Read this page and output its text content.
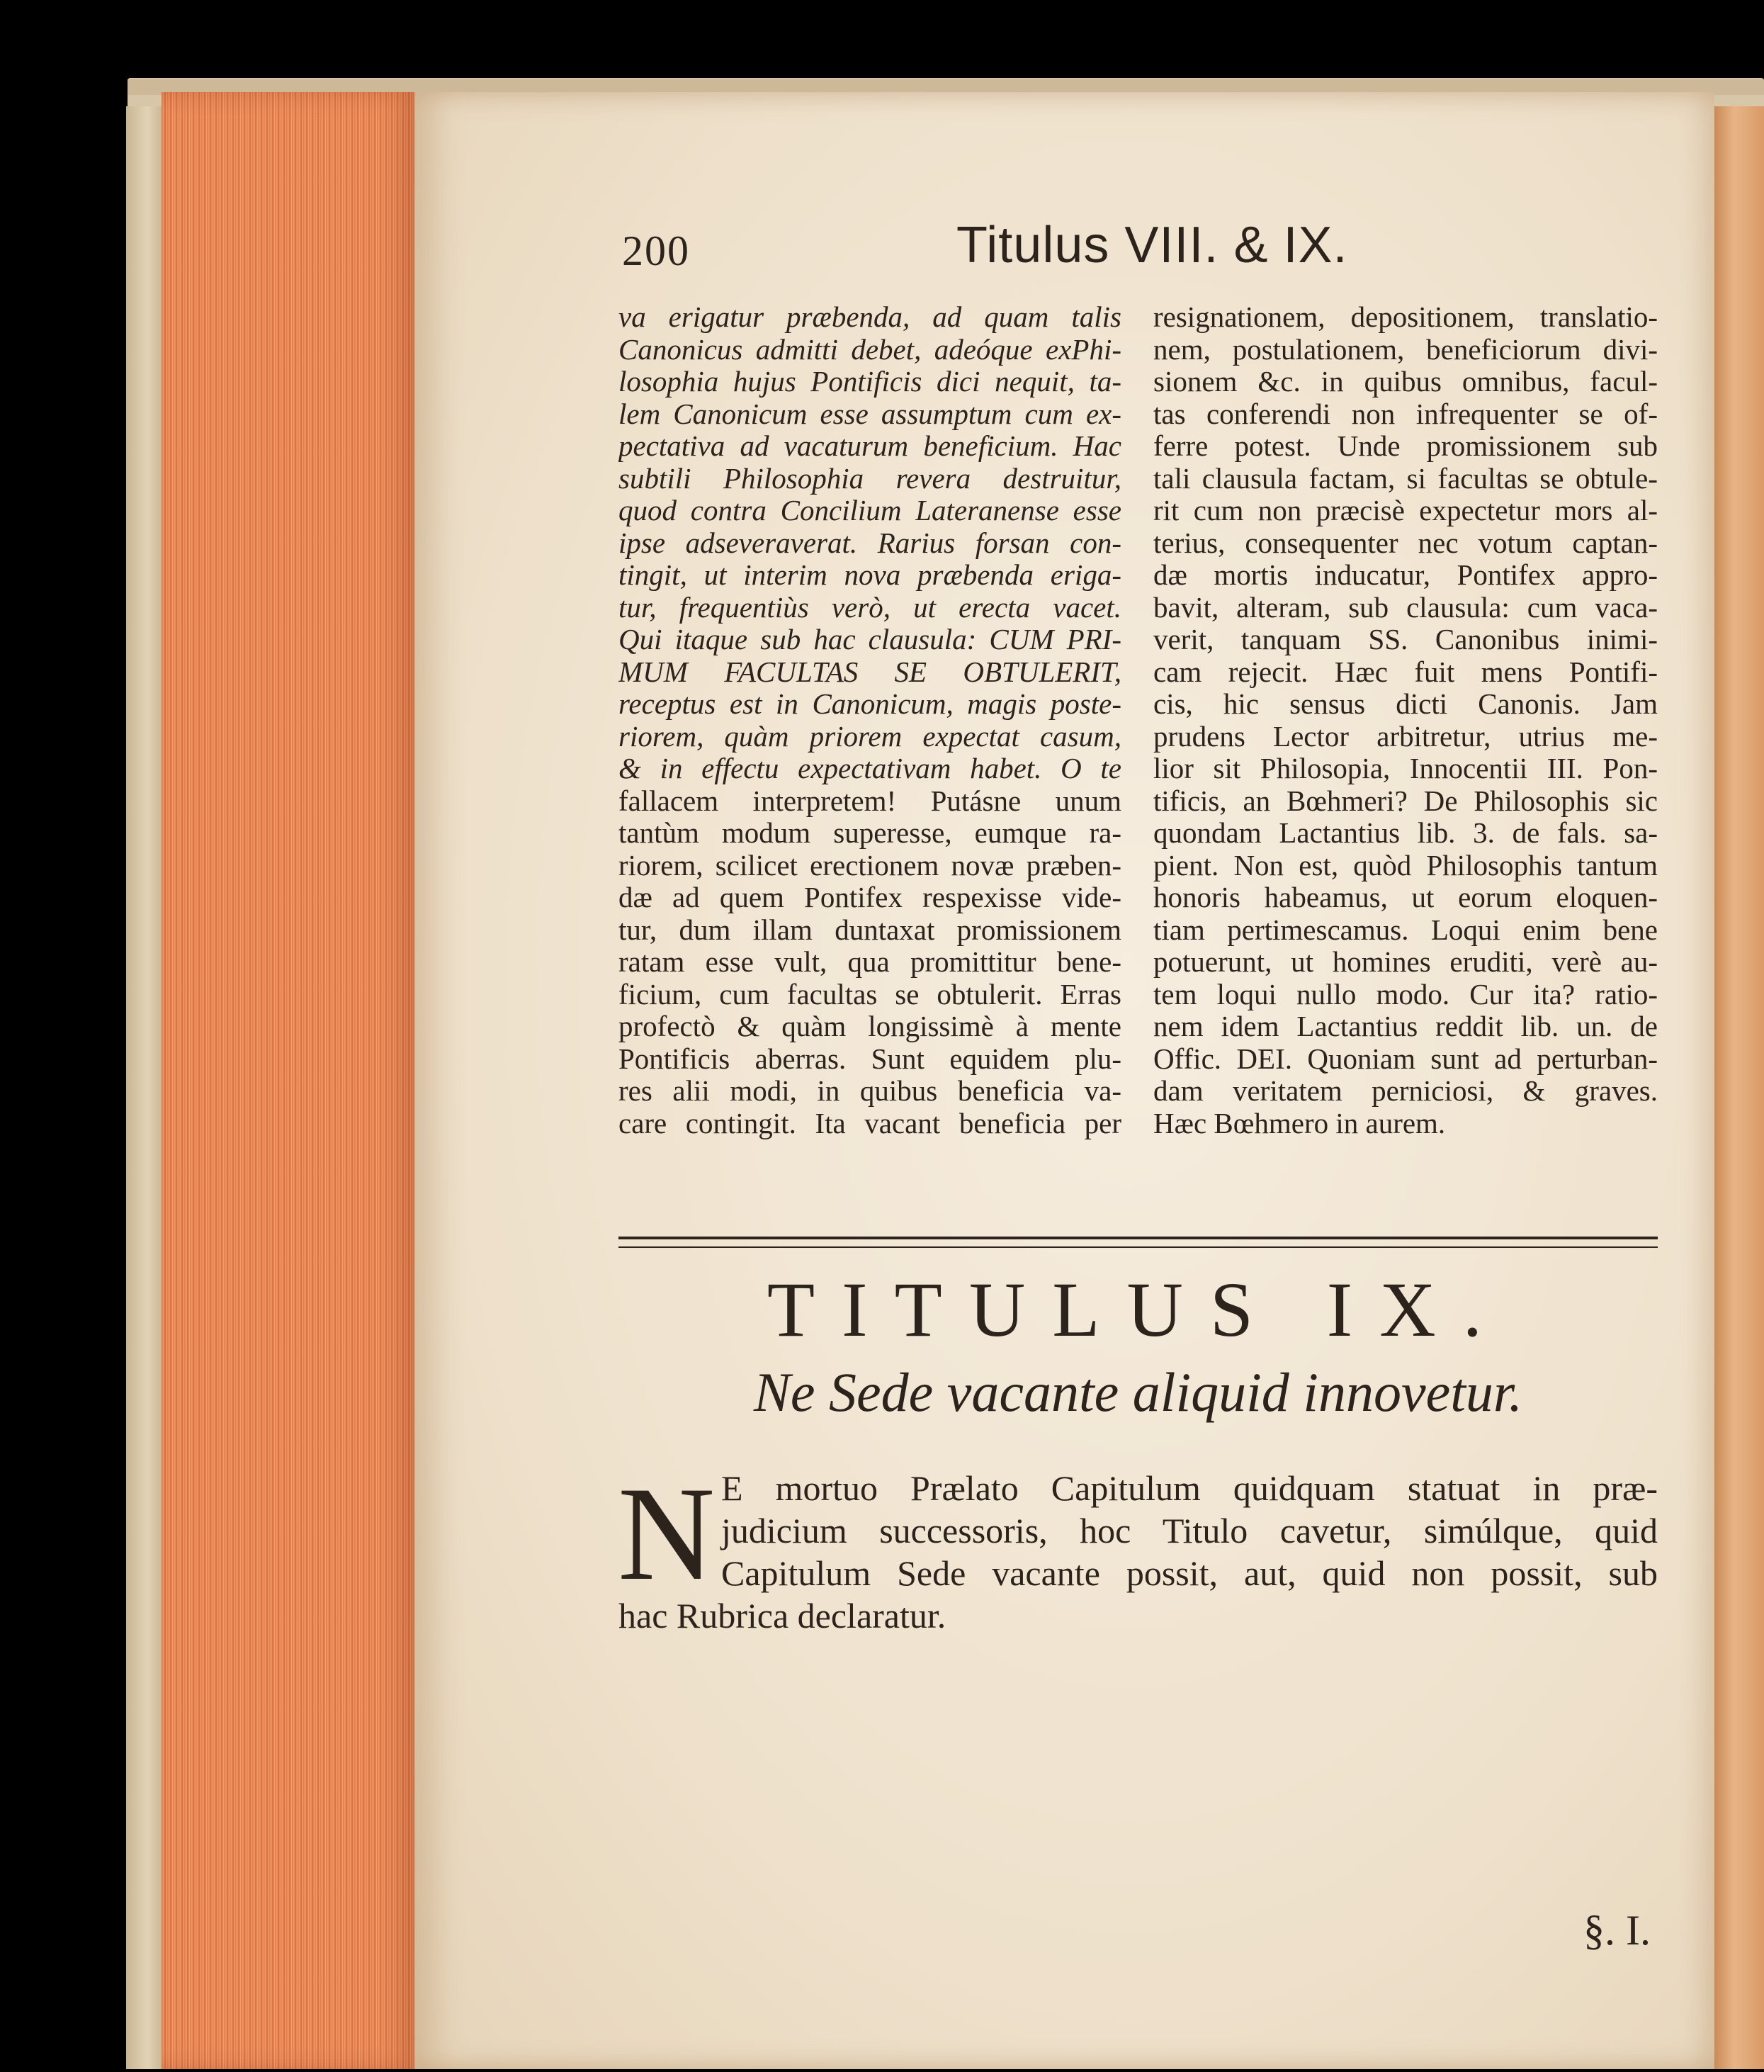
200	Titulus VIII. & IX.
va erigatur præbenda, ad quam talis
Canonicus admitti debet, adeóque exPhi-
losophia hujus Pontificis dici nequit, ta-
lem Canonicum esse assumptum cum ex-
pectativa ad vacaturum beneficium. Hac
subtili Philosophia revera destruitur,
quod contra Concilium Lateranense esse
ipse adseveraverat. Rarius forsan con-
tingit, ut interim nova præbenda eriga-
tur, frequentiùs verò, ut erecta vacet.
Qui itaque sub hac clausula: CUM PRI-
MUM FACULTAS SE OBTULERIT,
receptus est in Canonicum, magis poste-
riorem, quàm priorem expectat casum,
& in effectu expectativam habet. O te
fallacem interpretem! Putásne unum
tantùm modum superesse, eumque ra-
riorem, scilicet erectionem novæ præben-
dæ ad quem Pontifex respexisse vide-
tur, dum illam duntaxat promissionem
ratam esse vult, qua promittitur bene-
ficium, cum facultas se obtulerit. Erras
profectò & quàm longissimè à mente
Pontificis aberras. Sunt equidem plu-
res alii modi, in quibus beneficia va-
care contingit. Ita vacant beneficia per
resignationem, depositionem, translatio-
nem, postulationem, beneficiorum divi-
sionem &c. in quibus omnibus, facul-
tas conferendi non infrequenter se of-
ferre potest. Unde promissionem sub
tali clausula factam, si facultas se obtule-
rit cum non præcisè expectetur mors al-
terius, consequenter nec votum captan-
dæ mortis inducatur, Pontifex appro-
bavit, alteram, sub clausula: cum vaca-
verit, tanquam SS. Canonibus inimi-
cam rejecit. Hæc fuit mens Pontifi-
cis, hic sensus dicti Canonis. Jam
prudens Lector arbitretur, utrius me-
lior sit Philosopia, Innocentii III. Pon-
tificis, an Bœhmeri? De Philosophis sic
quondam Lactantius lib. 3. de fals. sa-
pient. Non est, quòd Philosophis tantum
honoris habeamus, ut eorum eloquen-
tiam pertimescamus. Loqui enim bene
potuerunt, ut homines eruditi, verè au-
tem loqui nullo modo. Cur ita? ratio-
nem idem Lactantius reddit lib. un. de
Offic. DEI. Quoniam sunt ad perturban-
dam veritatem perniciosi, & graves.
Hæc Bœhmero in aurem.
TITULUS IX.
Ne Sede vacante aliquid innovetur.
N E mortuo Prælato Capitulum quidquam statuat in præ-
judicium successoris, hoc Titulo cavetur, simúlque, quid
Capitulum Sede vacante possit, aut, quid non possit, sub
hac Rubrica declaratur.
§. I.
